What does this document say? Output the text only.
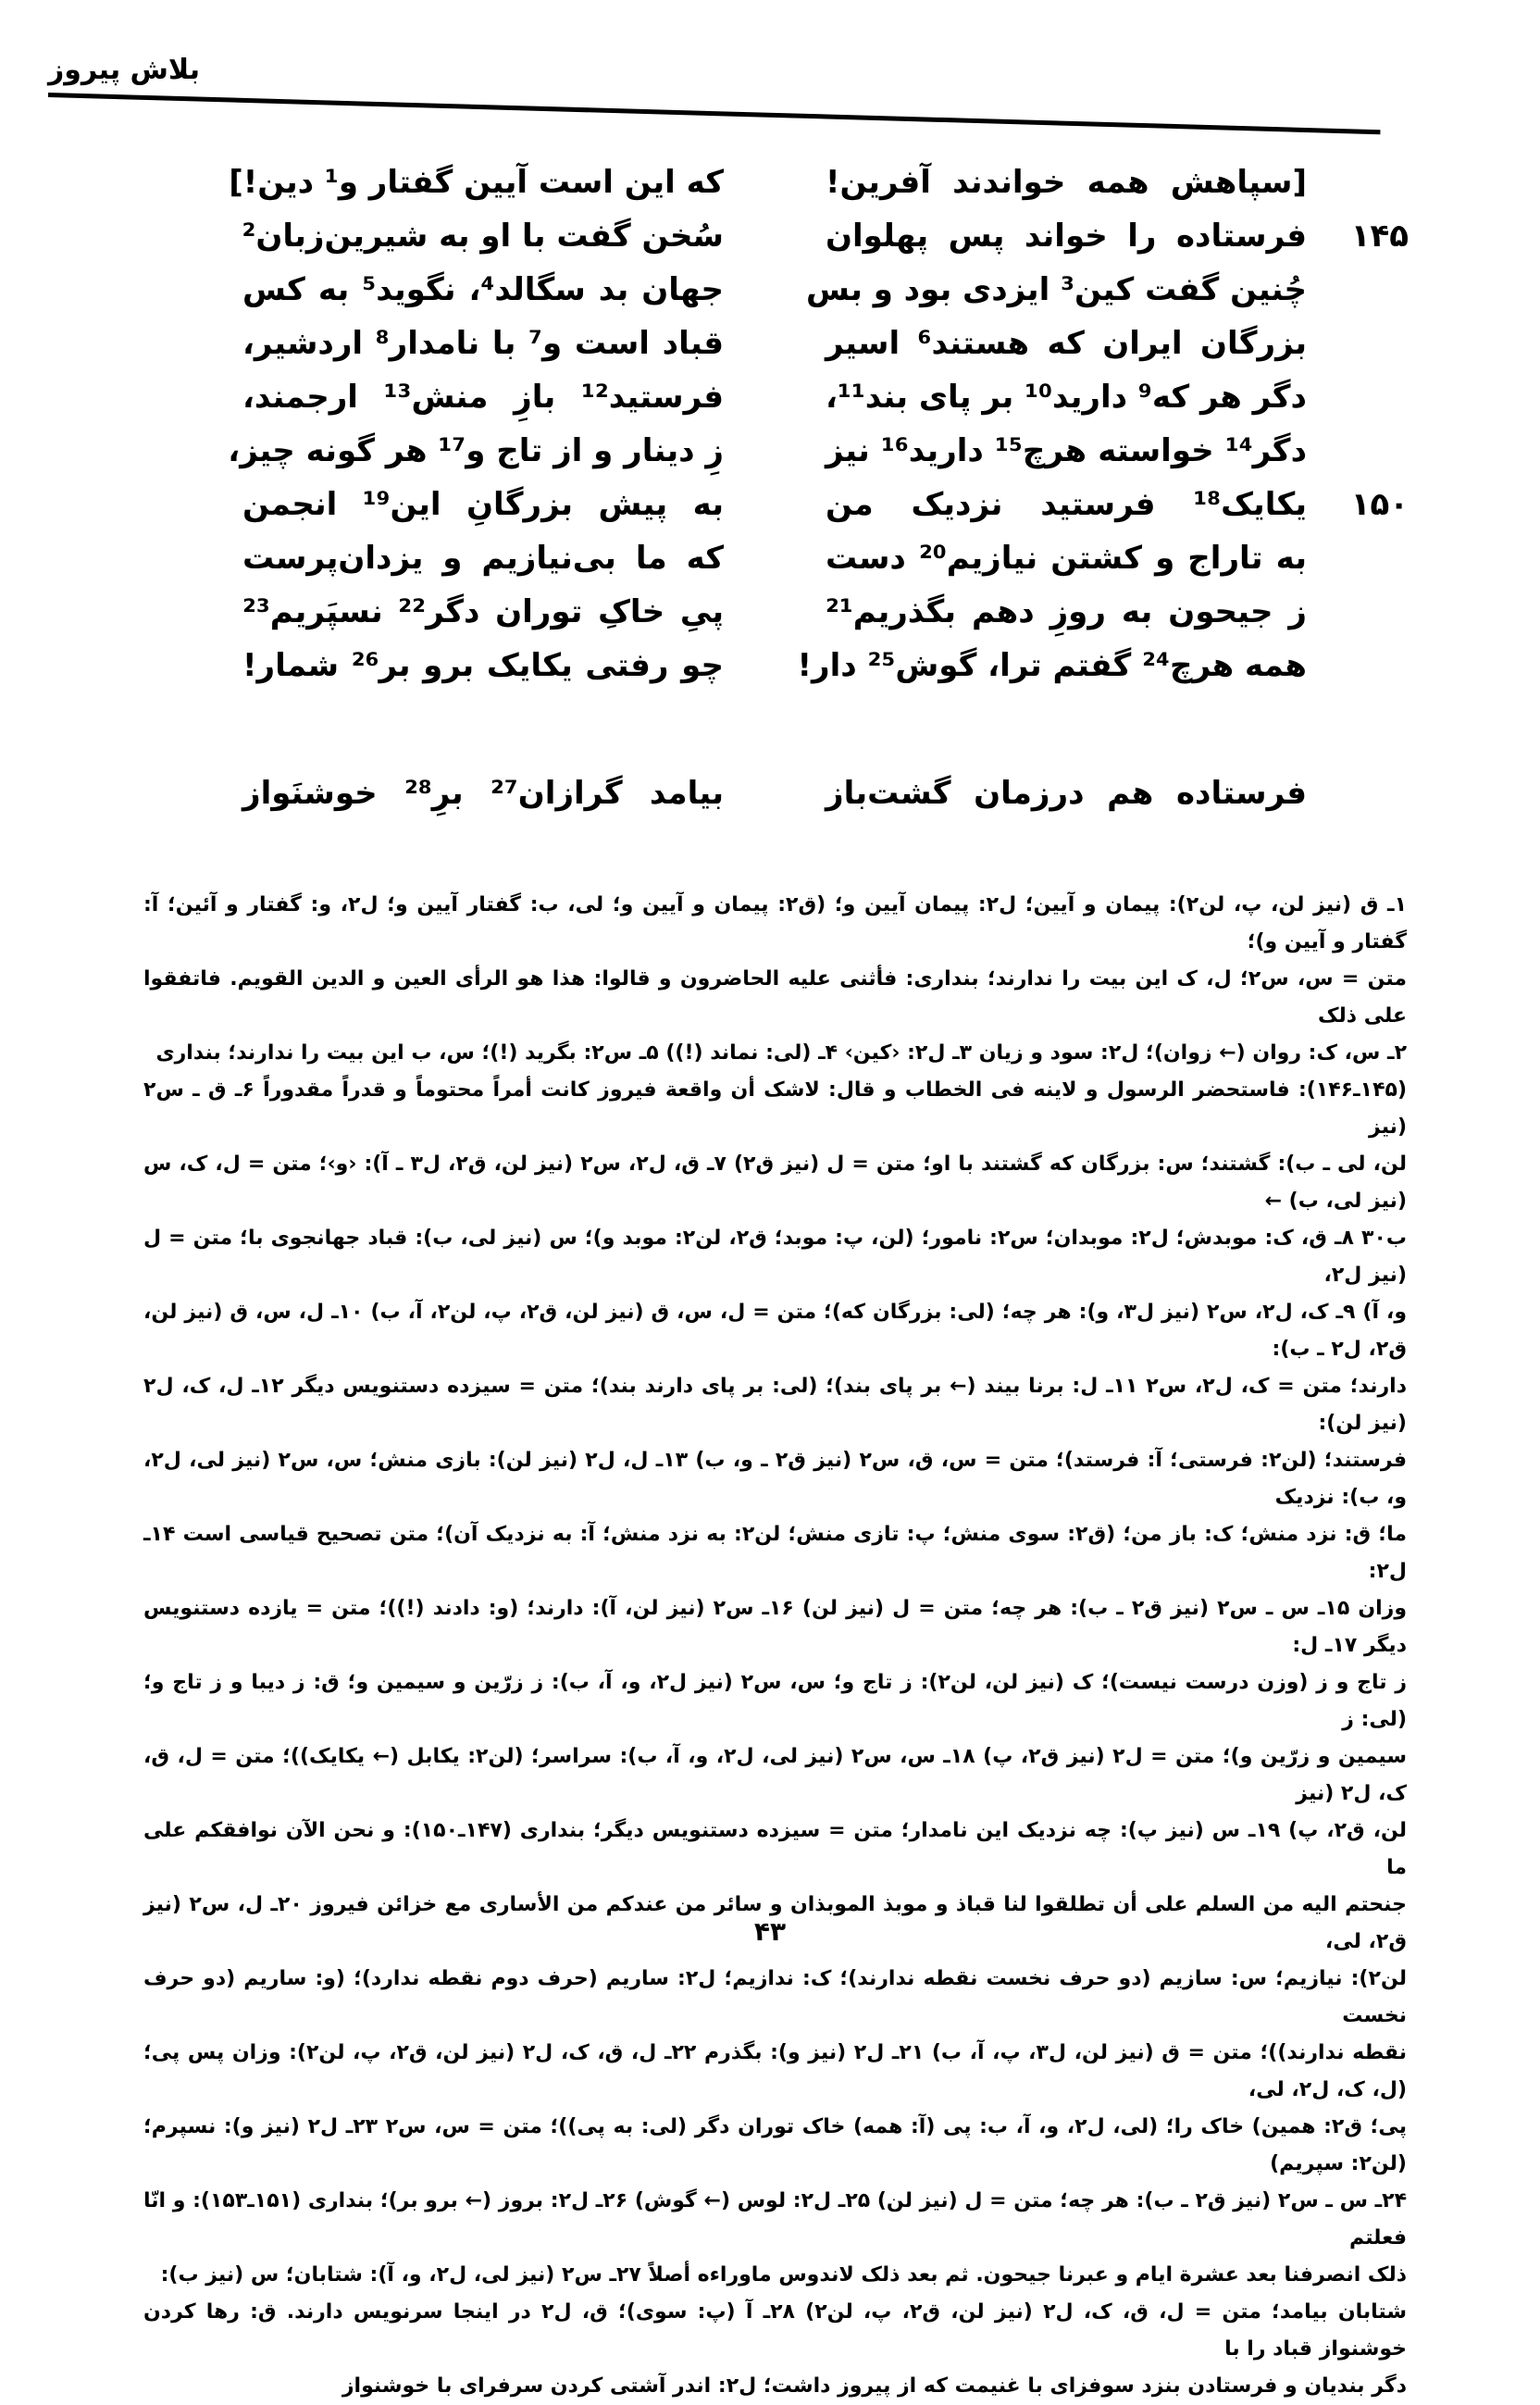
بلاش پیروز
[سپاهش همه خواندند آفرین!
که این است آیین گفتار و¹ دین!]
۱۴۵
فرستاده را خواند پس پهلوان
سُخن گفت با او به شیرین‌زبان²
چُنین گفت کین³ ایزدی بود و بس
جهان بد سگالد⁴، نگوید⁵ به کس
بزرگان ایران که هستند⁶ اسیر
قباد است و⁷ با نامدار⁸ اردشیر،
دگر هر که⁹ دارید¹⁰ بر پای بند¹¹،
فرستید¹² بازِ منش¹³ ارجمند،
دگر¹⁴ خواسته هرچ¹⁵ دارید¹⁶ نیز
زِ دینار و از تاج و¹⁷ هر گونه چیز،
۱۵۰
یکایک¹⁸ فرستید نزدیک من
به پیش بزرگانِ این¹⁹ انجمن
به تاراج و کشتن نیازیم²⁰ دست
که ما بی‌نیازیم و یزدان‌پرست
ز جیحون به روزِ دهم بگذریم²¹
پیِ خاکِ توران دگر²² نسپَریم²³
همه هرچ²⁴ گفتم ترا، گوش²⁵ دار!
چو رفتی یکایک برو بر²⁶ شمار!
فرستاده هم درزمان گشت‌باز
بیامد گرازان²⁷ برِ²⁸ خوشنَواز

۱ـ ق (نیز لن، پ، لن۲): پیمان و آیین؛ ل۲: پیمان آیین و؛ (ق۲: پیمان و آیین و؛ لی، ب: گفتار آیین و؛ ل۲، و: گفتار و آئین؛ آ: گفتار و آیین و)؛

متن = س، س۲؛ ل، ک این بیت را ندارند؛ بنداری: فأثنی علیه الحاضرون و قالوا: هذا هو الرأی العین و الدین القویم. فاتفقوا علی ذلک

۲ـ س، ک: روان (← زوان)؛ ل۲: سود و زیان ۳ـ ل۲: ‹کین› ۴ـ (لی: نماند (!)) ۵ـ س۲: بگرید (!)؛ س، ب این بیت را ندارند؛ بنداری

(۱۴۵ـ۱۴۶): فاستحضر الرسول و لاینه فی الخطاب و قال: لاشک أن واقعة فیروز کانت أمراً محتوماً و قدراً مقدوراً ۶ـ ق ـ س۲ (نیز

لن، لی ـ ب): گشتند؛ س: بزرگان که گشتند با او؛ متن = ل (نیز ق۲) ۷ـ ق، ل۲، س۲ (نیز لن، ق۲، ل۳ ـ آ): ‹و›؛ متن = ل، ک، س (نیز لی، ب) ←

ب۳۰ ۸ـ ق، ک: موبدش؛ ل۲: موبدان؛ س۲: نامور؛ (لن، پ: موبد؛ ق۲، لن۲: موبد و)؛ س (نیز لی، ب): قباد جهانجوی با؛ متن = ل (نیز ل۲،

و، آ) ۹ـ ک، ل۲، س۲ (نیز ل۳، و): هر چه؛ (لی: بزرگان که)؛ متن = ل، س، ق (نیز لن، ق۲، پ، لن۲، آ، ب) ۱۰ـ ل، س، ق (نیز لن، ق۲، ل۲ ـ ب):

دارند؛ متن = ک، ل۲، س۲ ۱۱ـ ل: برنا بیند (← بر پای بند)؛ (لی: بر پای دارند بند)؛ متن = سیزده دستنویس دیگر ۱۲ـ ل، ک، ل۲ (نیز لن):

فرستند؛ (لن۲: فرستی؛ آ: فرستد)؛ متن = س، ق، س۲ (نیز ق۲ ـ و، ب) ۱۳ـ ل، ل۲ (نیز لن): بازی منش؛ س، س۲ (نیز لی، ل۲، و، ب): نزدیک

ما؛ ق: نزد منش؛ ک: باز من؛ (ق۲: سوی منش؛ پ: تازی منش؛ لن۲: به نزد منش؛ آ: به نزدیک آن)؛ متن تصحیح قیاسی است ۱۴ـ ل۲:

وزان ۱۵ـ س ـ س۲ (نیز ق۲ ـ ب): هر چه؛ متن = ل (نیز لن) ۱۶ـ س۲ (نیز لن، آ): دارند؛ (و: دادند (!))؛ متن = یازده دستنویس دیگر ۱۷ـ ل:

ز تاج و ز (وزن درست نیست)؛ ک (نیز لن، لن۲): ز تاج و؛ س، س۲ (نیز ل۲، و، آ، ب): ز زرّین و سیمین و؛ ق: ز دیبا و ز تاج و؛ (لی: ز

سیمین و زرّین و)؛ متن = ل۲ (نیز ق۲، پ) ۱۸ـ س، س۲ (نیز لی، ل۲، و، آ، ب): سراسر؛ (لن۲: یکابل (← یکایک))؛ متن = ل، ق، ک، ل۲ (نیز

لن، ق۲، پ) ۱۹ـ س (نیز پ): چه نزدیک این نامدار؛ متن = سیزده دستنویس دیگر؛ بنداری (۱۴۷ـ۱۵۰): و نحن الآن نوافقکم علی ما

جنحتم الیه من السلم علی أن تطلقوا لنا قباذ و موبذ الموبذان و سائر من عندکم من الأساری مع خزائن فیروز ۲۰ـ ل، س۲ (نیز ق۲، لی،

لن۲): نیازیم؛ س: سازیم (دو حرف نخست نقطه ندارند)؛ ک: ندازیم؛ ل۲: ساریم (حرف دوم نقطه ندارد)؛ (و: ساریم (دو حرف نخست

نقطه ندارند))؛ متن = ق (نیز لن، ل۳، پ، آ، ب) ۲۱ـ ل۲ (نیز و): بگذرم ۲۲ـ ل، ق، ک، ل۲ (نیز لن، ق۲، پ، لن۲): وزان پس پی؛ (ل، ک، ل۲، لی،

پی؛ ق۲: همین) خاک را؛ (لی، ل۲، و، آ، ب: پی (آ: همه) خاک توران دگر (لی: به پی))؛ متن = س، س۲ ۲۳ـ ل۲ (نیز و): نسپرم؛ (لن۲: سپریم)

۲۴ـ س ـ س۲ (نیز ق۲ ـ ب): هر چه؛ متن = ل (نیز لن) ۲۵ـ ل۲: لوس (← گوش) ۲۶ـ ل۲: بروز (← برو بر)؛ بنداری (۱۵۱ـ۱۵۳): و انّا فعلتم

ذلک انصرفنا بعد عشرة ایام و عبرنا جیحون. ثم بعد ذلک لاندوس ماوراءه أصلاً ۲۷ـ س۲ (نیز لی، ل۲، و، آ): شتابان؛ س (نیز ب):

شتابان بیامد؛ متن = ل، ق، ک، ل۲ (نیز لن، ق۲، پ، لن۲) ۲۸ـ آ (پ: سوی)؛ ق، ل۲ در اینجا سرنویس دارند. ق: رها کردن خوشنواز قباد را با

دگر بندیان و فرستادن بنزد سوفزای با غنیمت که از پیروز داشت؛ ل۲: اندر آشتی کردن سرفرای با خوشنواز

۴۳
